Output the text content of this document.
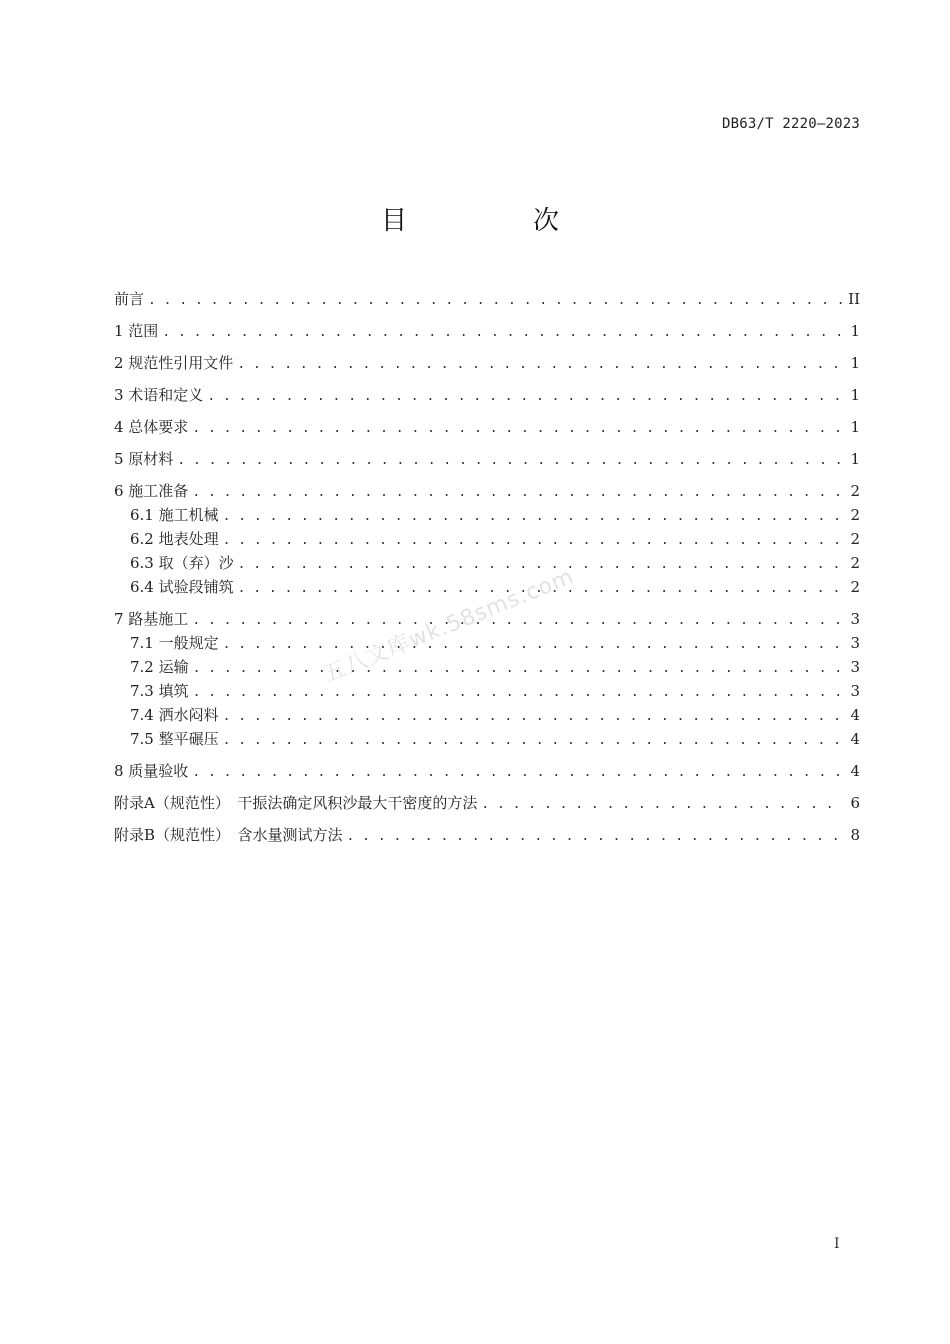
DB63/T 2220—2023
目　次
前言 . . .	II
1 范围 . . .	1
2 规范性引用文件 . . .	1
3 术语和定义 . . .	1
4 总体要求 . . .	1
5 原材料 . . .	1
6 施工准备 . . .	2
6.1 施工机械 . . .	2
6.2 地表处理 . . .	2
6.3 取（弃）沙 . . .	2
6.4 试验段铺筑 . . .	2
7 路基施工 . . .	3
7.1 一般规定 . . .	3
7.2 运输 . . .	3
7.3 填筑 . . .	3
7.4 洒水闷料 . . .	4
7.5 整平碾压 . . .	4
8 质量验收 . . .	4
附录A（规范性）　干振法确定风积沙最大干密度的方法 . . .	6
附录B（规范性）　含水量测试方法 . . .	8
五八文库wk.58sms.com
I
